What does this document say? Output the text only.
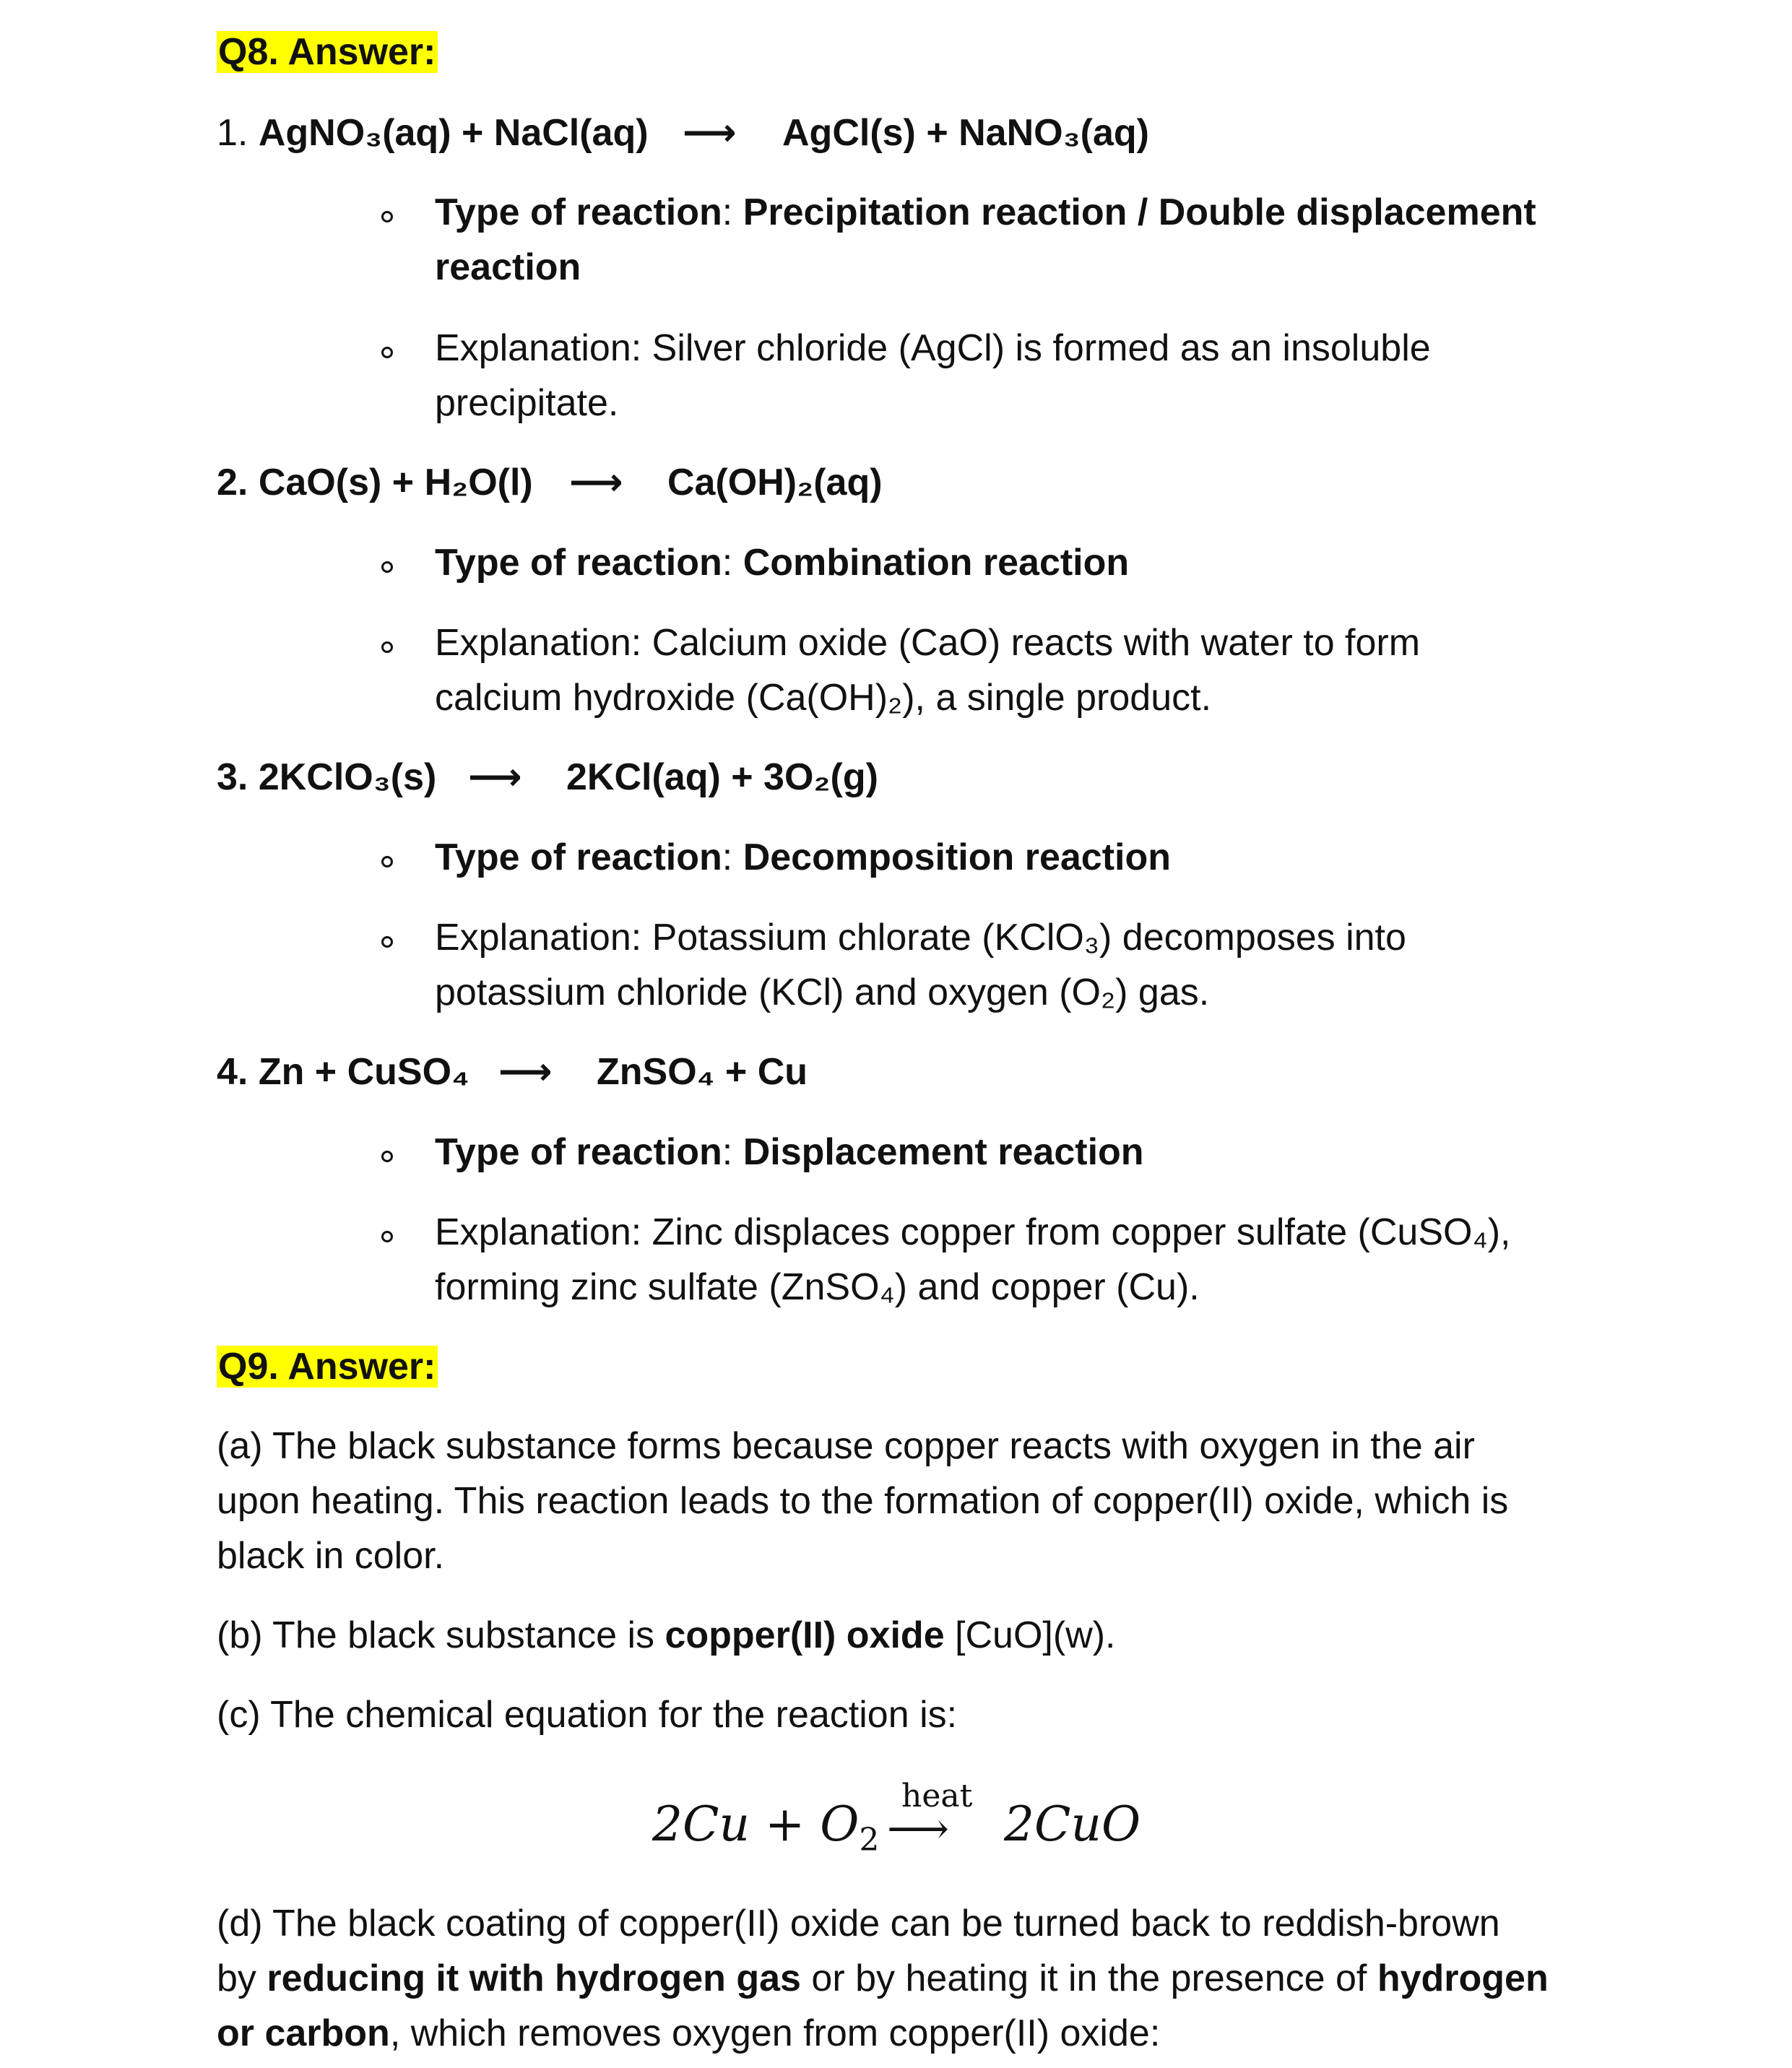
Q8. Answer:
1. AgNO₃(aq) + NaCl(aq) ⟶ AgCl(s) + NaNO₃(aq)
Type of reaction: Precipitation reaction / Double displacement
reaction
Explanation: Silver chloride (AgCl) is formed as an insoluble
precipitate.
2. CaO(s) + H₂O(l) ⟶ Ca(OH)₂(aq)
Type of reaction: Combination reaction
Explanation: Calcium oxide (CaO) reacts with water to form
calcium hydroxide (Ca(OH)₂), a single product.
3. 2KClO₃(s) ⟶ 2KCl(aq) + 3O₂(g)
Type of reaction: Decomposition reaction
Explanation: Potassium chlorate (KClO₃) decomposes into
potassium chloride (KCl) and oxygen (O₂) gas.
4. Zn + CuSO₄ ⟶ ZnSO₄ + Cu
Type of reaction: Displacement reaction
Explanation: Zinc displaces copper from copper sulfate (CuSO₄),
forming zinc sulfate (ZnSO₄) and copper (Cu).
Q9. Answer:
(a) The black substance forms because copper reacts with oxygen in the air
upon heating. This reaction leads to the formation of copper(II) oxide, which is
black in color.
(b) The black substance is copper(II) oxide [CuO](w).
(c) The chemical equation for the reaction is:
$2Cu + O_2$
heat
⟶ 2CuO
(d) The black coating of copper(II) oxide can be turned back to reddish-brown
by reducing it with hydrogen gas or by heating it in the presence of hydrogen
or carbon, which removes oxygen from copper(II) oxide:
